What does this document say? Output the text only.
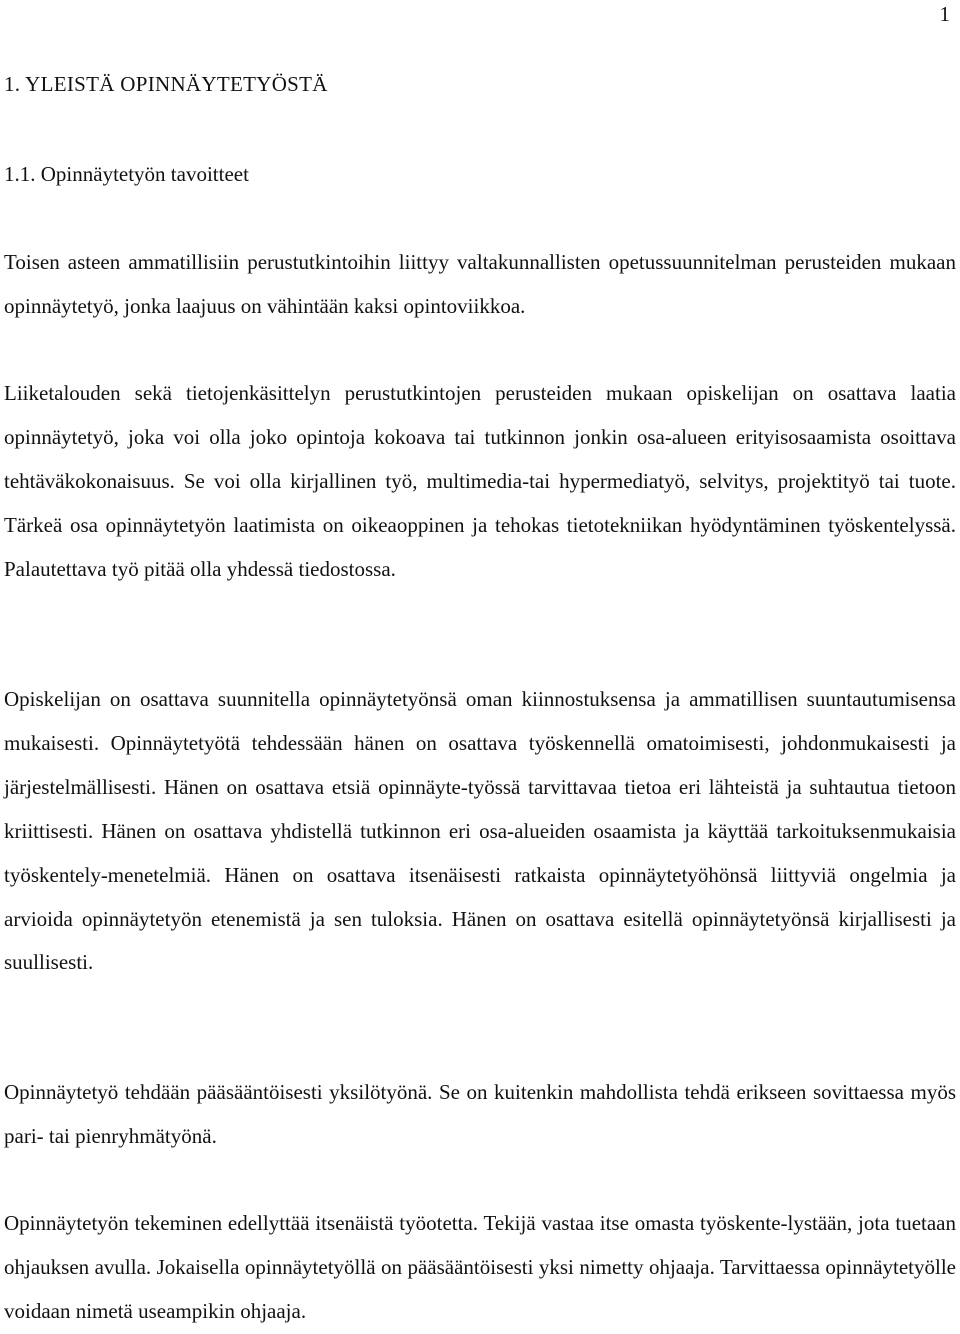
1
1. YLEISTÄ OPINNÄYTETYÖSTÄ
1.1. Opinnäytetyön tavoitteet

Toisen asteen ammatillisiin perustutkintoihin liittyy valtakunnallisten opetussuunnitelman perusteiden mukaan opinnäytetyö, jonka laajuus on vähintään kaksi opintoviikkoa.

Liiketalouden sekä tietojenkäsittelyn perustutkintojen perusteiden mukaan opiskelijan on osattava laatia opinnäytetyö, joka voi olla joko opintoja kokoava tai tutkinnon jonkin osa-alueen erityisosaamista osoittava tehtäväkokonaisuus. Se voi olla kirjallinen työ, multimedia-tai hypermediatyö, selvitys, projektityö tai tuote. Tärkeä osa opinnäytetyön laatimista on oikeaoppinen ja tehokas tietotekniikan hyödyntäminen työskentelyssä. Palautettava työ pitää olla yhdessä tiedostossa.

Opiskelijan on osattava suunnitella opinnäytetyönsä oman kiinnostuksensa ja ammatillisen suuntautumisensa mukaisesti. Opinnäytetyötä tehdessään hänen on osattava työskennellä omatoimisesti, johdonmukaisesti ja järjestelmällisesti. Hänen on osattava etsiä opinnäyte-työssä tarvittavaa tietoa eri lähteistä ja suhtautua tietoon kriittisesti. Hänen on osattava yhdistellä tutkinnon eri osa-alueiden osaamista ja käyttää tarkoituksenmukaisia työskentely-menetelmiä. Hänen on osattava itsenäisesti ratkaista opinnäytetyöhönsä liittyviä ongelmia ja arvioida opinnäytetyön etenemistä ja sen tuloksia. Hänen on osattava esitellä opinnäytetyönsä kirjallisesti ja suullisesti.

Opinnäytetyö tehdään pääsääntöisesti yksilötyönä. Se on kuitenkin mahdollista tehdä erikseen sovittaessa myös pari- tai pienryhmätyönä.

Opinnäytetyön tekeminen edellyttää itsenäistä työotetta. Tekijä vastaa itse omasta työskente-lystään, jota tuetaan ohjauksen avulla. Jokaisella opinnäytetyöllä on pääsääntöisesti yksi nimetty ohjaaja. Tarvittaessa opinnäytetyölle voidaan nimetä useampikin ohjaaja.
